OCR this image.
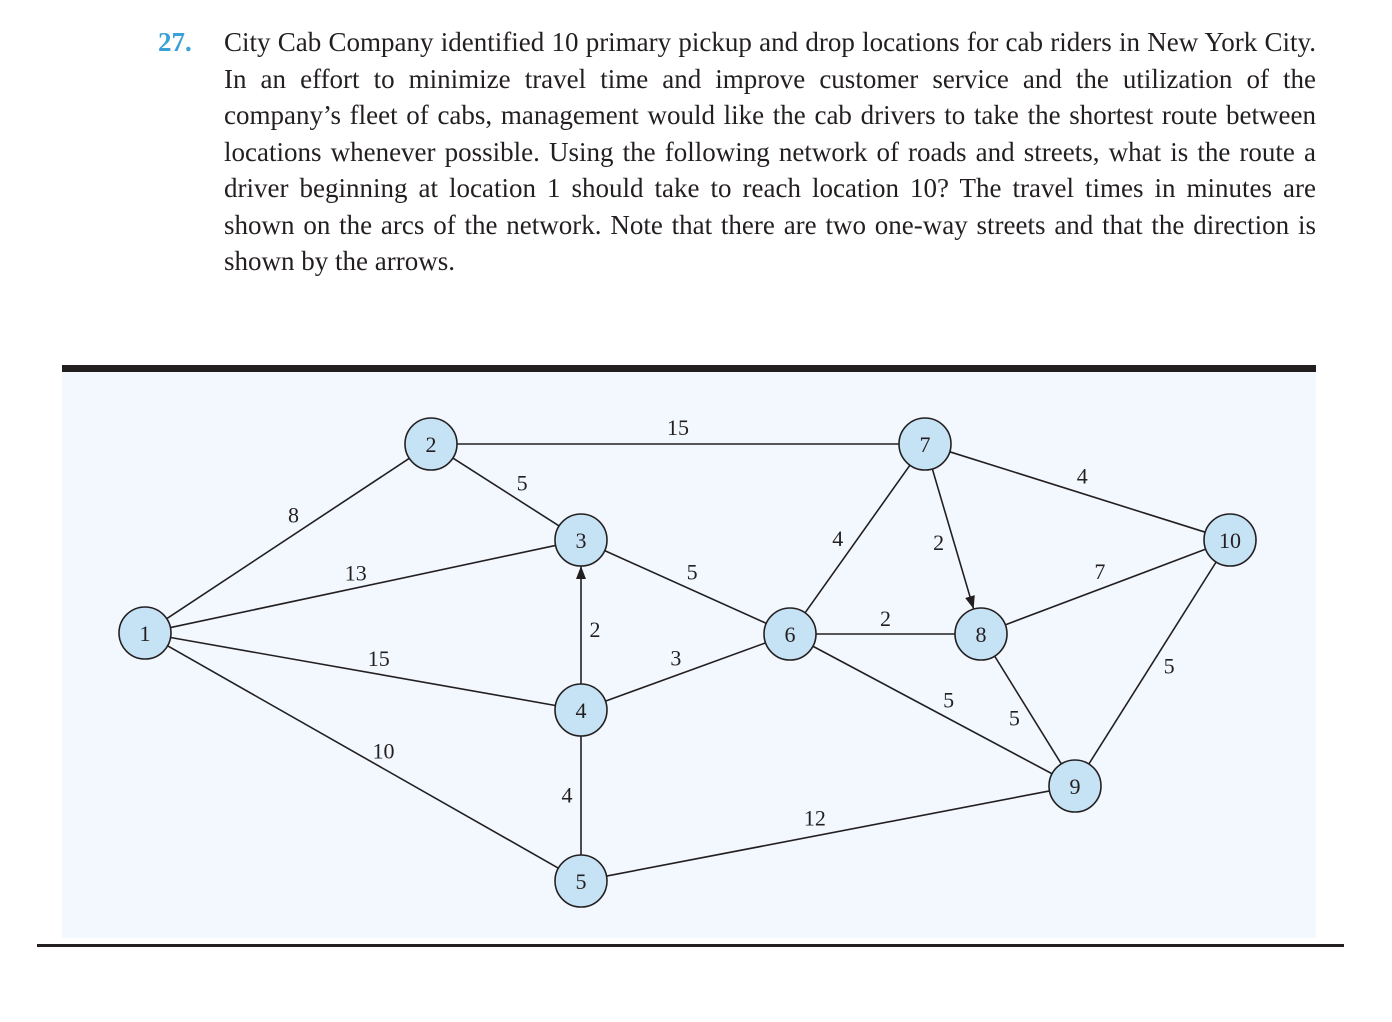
27. City Cab Company identified 10 primary pickup and drop locations for cab riders in New York City. In an effort to minimize travel time and improve customer service and the utilization of the company’s fleet of cabs, management would like the cab drivers to take the shortest route between locations whenever possible. Using the following network of roads and streets, what is the route a driver beginning at location 1 should take to reach location 10? The travel times in minutes are shown on the arcs of the network. Note that there are two one-way streets and that the direction is shown by the arrows.

8
13
15
10
5
15
2
5
3
4
12
4
2
5
2
4
7
5
5
1
2
3
4
5
6
7
8
9
10
